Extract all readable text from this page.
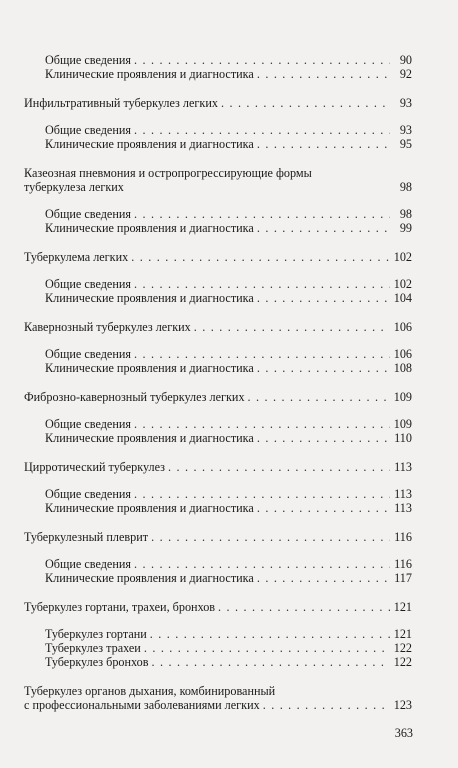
Общие сведения . . .	90
Клинические проявления и диагностика . . .	92
Инфильтративный туберкулез легких . . .	93
Общие сведения . . .	93
Клинические проявления и диагностика . . .	95
Казеозная пневмония и остропрогрессирующие формы
туберкулеза легких	98
Общие сведения . . .	98
Клинические проявления и диагностика . . .	99
Туберкулема легких . . .	102
Общие сведения . . .	102
Клинические проявления и диагностика . . .	104
Кавернозный туберкулез легких . . .	106
Общие сведения . . .	106
Клинические проявления и диагностика . . .	108
Фиброзно-кавернозный туберкулез легких . . .	109
Общие сведения . . .	109
Клинические проявления и диагностика . . .	110
Цирротический туберкулез . . .	113
Общие сведения . . .	113
Клинические проявления и диагностика . . .	113
Туберкулезный плеврит . . .	116
Общие сведения . . .	116
Клинические проявления и диагностика . . .	117
Туберкулез гортани, трахеи, бронхов . . .	121
Туберкулез гортани . . .	121
Туберкулез трахеи . . .	122
Туберкулез бронхов . . .	122
Туберкулез органов дыхания, комбинированный
с профессиональными заболеваниями легких . . .	123
363
